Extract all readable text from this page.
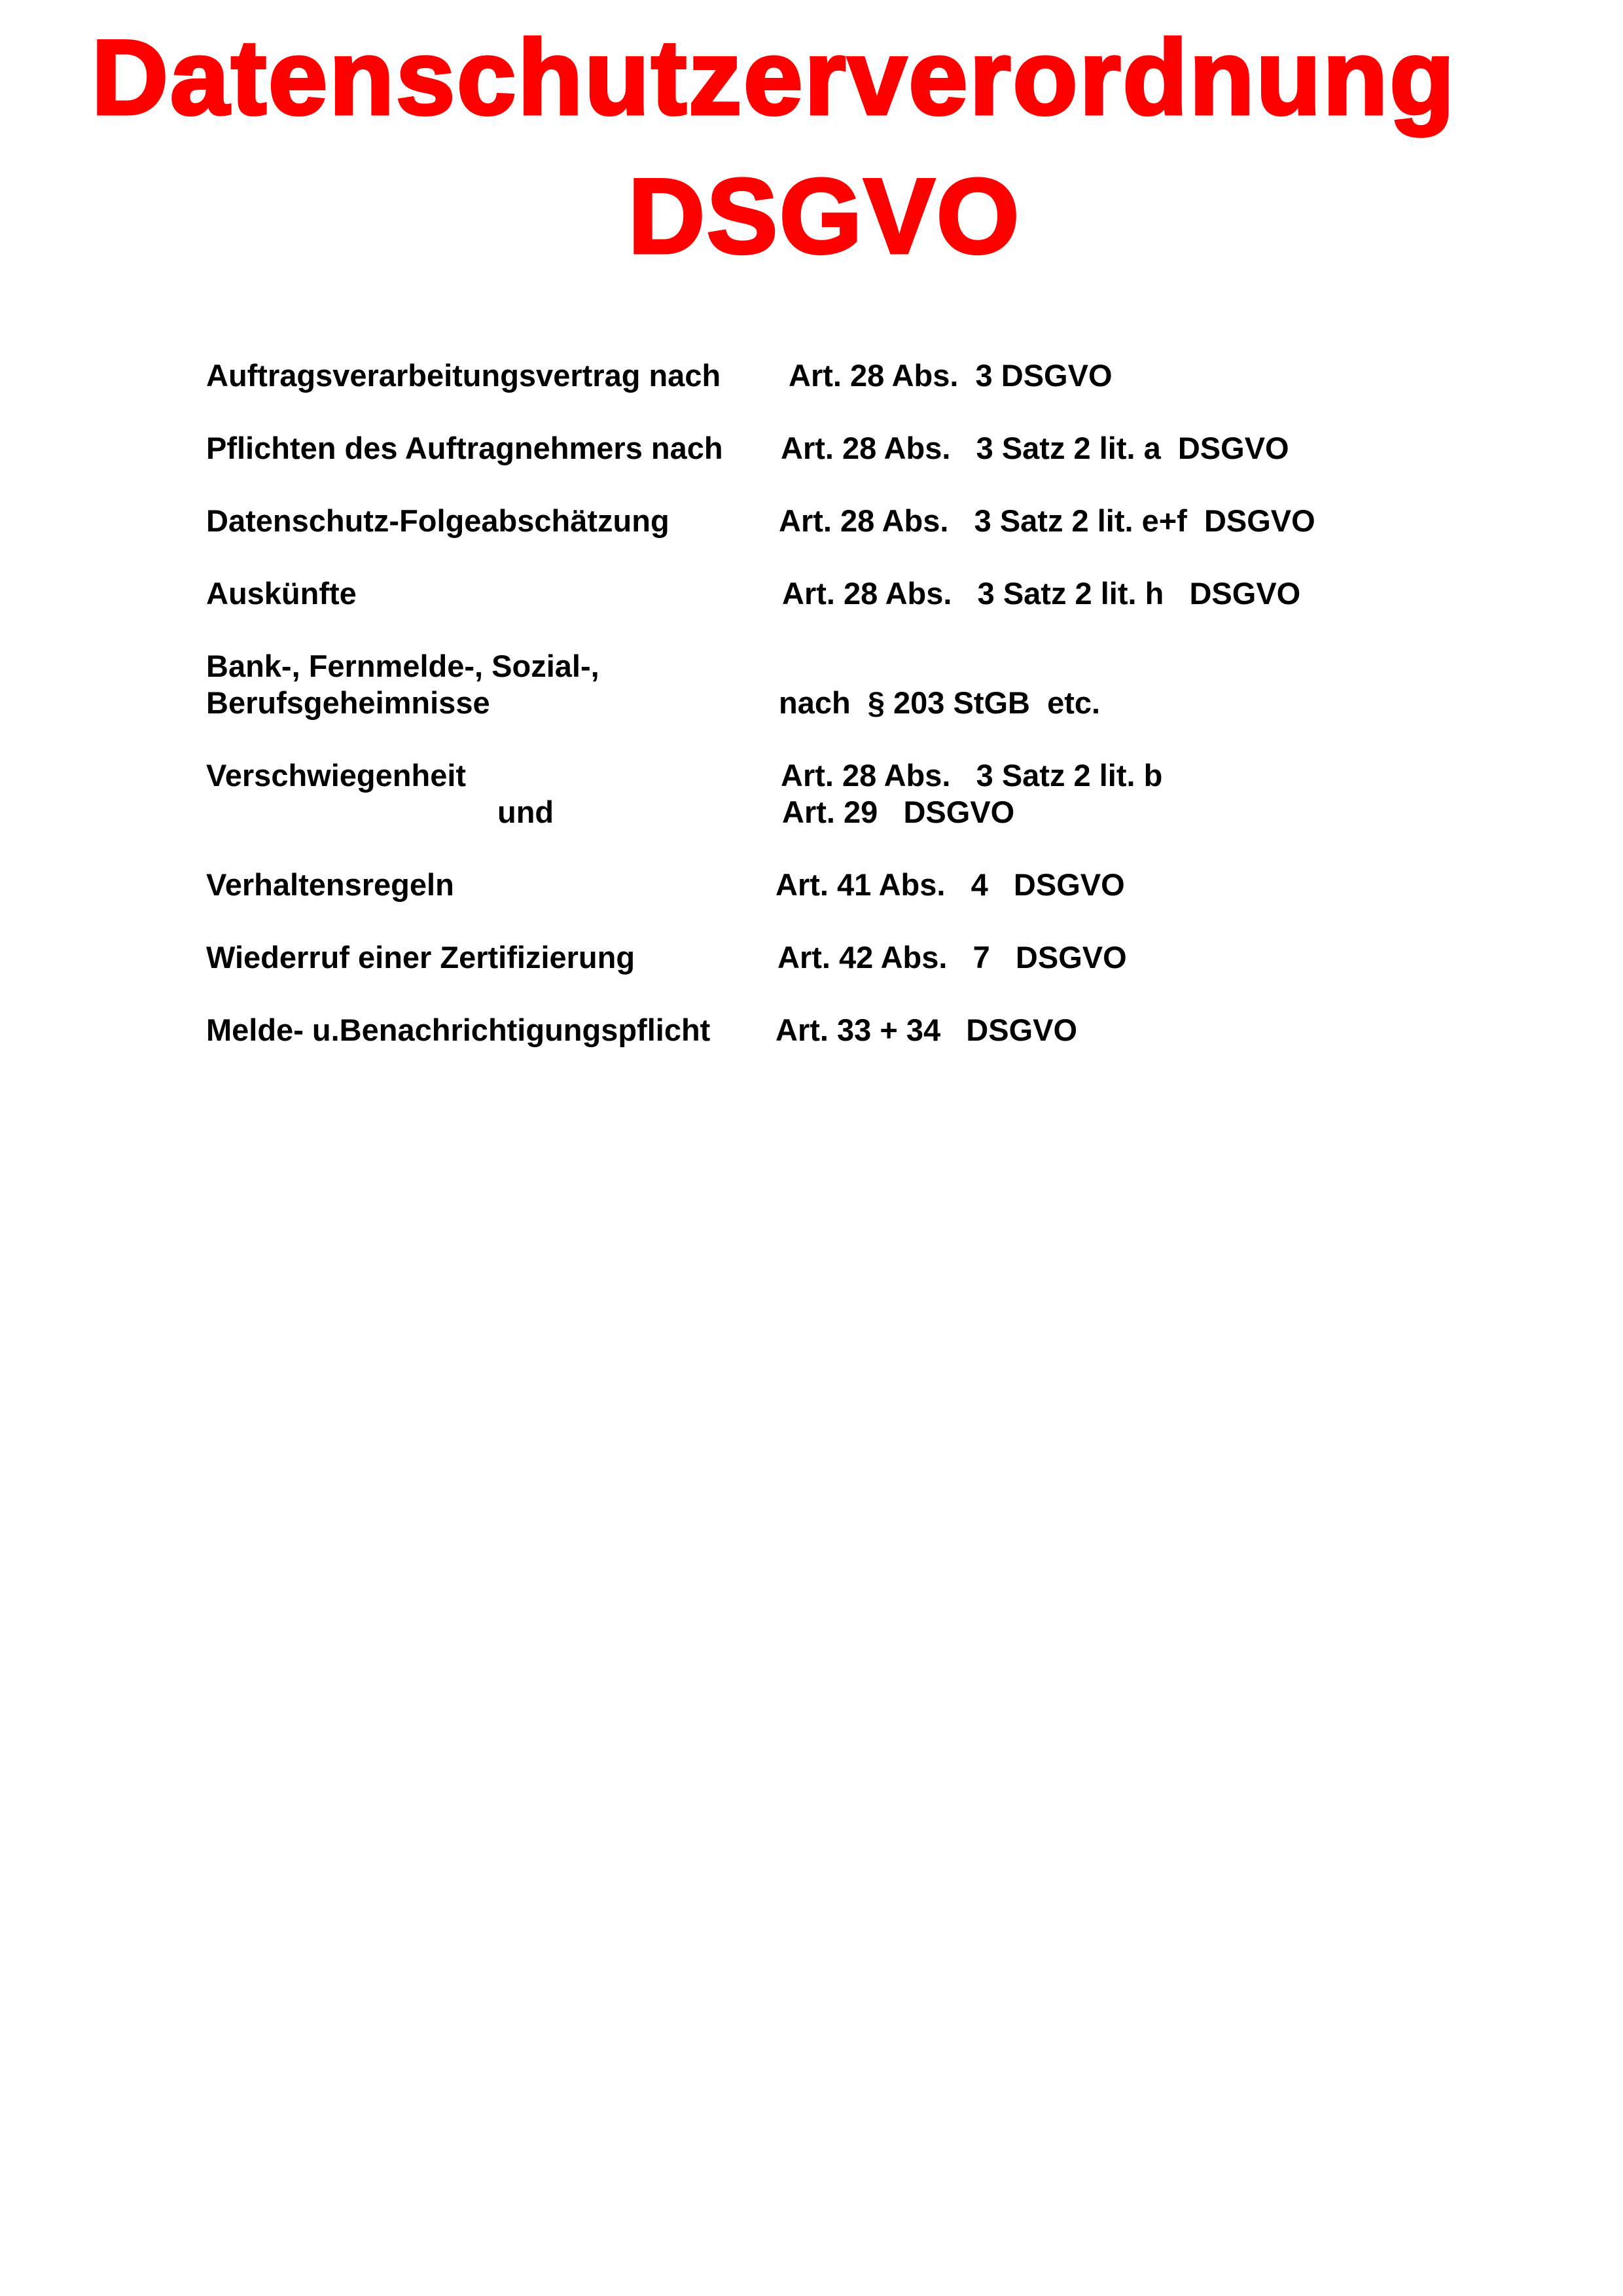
Datenschutzerverordnung
DSGVO
Auftragsverarbeitungsvertrag nach Art. 28 Abs.  3 DSGVO
Pflichten des Auftragnehmers nach Art. 28 Abs.   3 Satz 2 lit. a  DSGVO
Datenschutz-Folgeabschätzung	Art. 28 Abs.   3 Satz 2 lit. e+f  DSGVO
Auskünfte	Art. 28 Abs.   3 Satz 2 lit. h   DSGVO
Bank-, Fernmelde-, Sozial-,
Berufsgeheimnisse	nach  § 203 StGB  etc.
Verschwiegenheit	Art. 28 Abs.   3 Satz 2 lit. b
und	Art. 29   DSGVO
Verhaltensregeln	Art. 41 Abs.   4   DSGVO
Wiederruf einer Zertifizierung	Art. 42 Abs.   7   DSGVO
Melde- u.Benachrichtigungspflicht Art. 33 + 34   DSGVO
